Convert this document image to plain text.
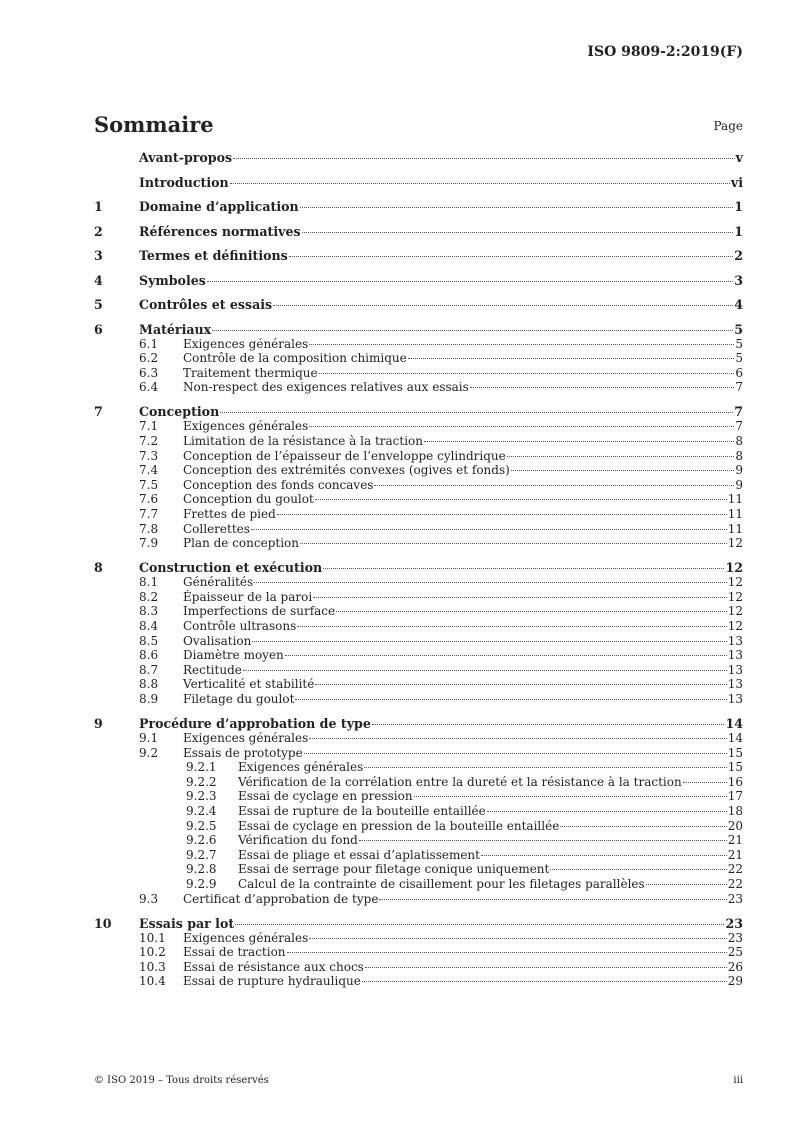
ISO 9809-2:2019(F)
Sommaire	Page
Avant-propos	v
Introduction	vi
1	Domaine d’application	1
2	Références normatives	1
3	Termes et définitions	2
4	Symboles	3
5	Contrôles et essais	4
6	Matériaux	5
6.1	Exigences générales	5
6.2	Contrôle de la composition chimique	5
6.3	Traitement thermique	6
6.4	Non-respect des exigences relatives aux essais	7
7	Conception	7
7.1	Exigences générales	7
7.2	Limitation de la résistance à la traction	8
7.3	Conception de l’épaisseur de l’enveloppe cylindrique	8
7.4	Conception des extrémités convexes (ogives et fonds)	9
7.5	Conception des fonds concaves	9
7.6	Conception du goulot	11
7.7	Frettes de pied	11
7.8	Collerettes	11
7.9	Plan de conception	12
8	Construction et exécution	12
8.1	Généralités	12
8.2	Épaisseur de la paroi	12
8.3	Imperfections de surface	12
8.4	Contrôle ultrasons	12
8.5	Ovalisation	13
8.6	Diamètre moyen	13
8.7	Rectitude	13
8.8	Verticalité et stabilité	13
8.9	Filetage du goulot	13
9	Procédure d’approbation de type	14
9.1	Exigences générales	14
9.2	Essais de prototype	15
9.2.1	Exigences générales	15
9.2.2	Vérification de la corrélation entre la dureté et la résistance à la traction	16
9.2.3	Essai de cyclage en pression	17
9.2.4	Essai de rupture de la bouteille entaillée	18
9.2.5	Essai de cyclage en pression de la bouteille entaillée	20
9.2.6	Vérification du fond	21
9.2.7	Essai de pliage et essai d’aplatissement	21
9.2.8	Essai de serrage pour filetage conique uniquement	22
9.2.9	Calcul de la contrainte de cisaillement pour les filetages parallèles	22
9.3	Certificat d’approbation de type	23
10	Essais par lot	23
10.1	Exigences générales	23
10.2	Essai de traction	25
10.3	Essai de résistance aux chocs	26
10.4	Essai de rupture hydraulique	29
© ISO 2019 – Tous droits réservés	iii
